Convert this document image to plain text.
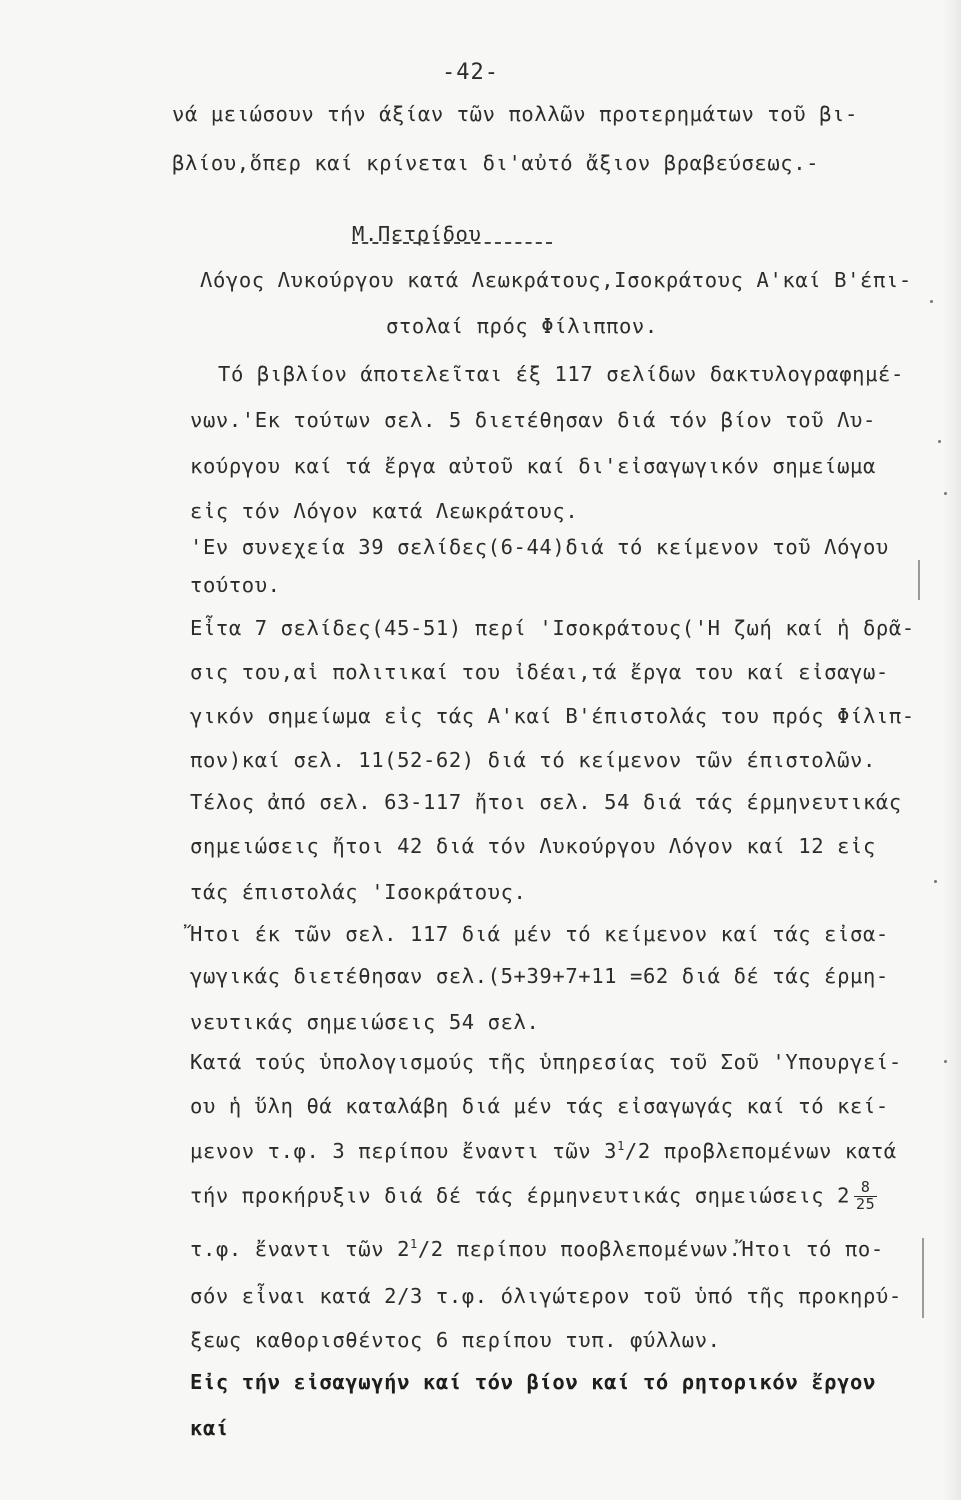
-42-
νά μειώσουν τήν άξίαν τῶν πολλῶν προτερημάτων τοῦ βι-
βλίου,ὅπερ καί κρίνεται δι'αὐτό ἄξιον βραβεύσεως.-
Μ.Πετρίδου
Λόγος Λυκούργου κατά Λεωκράτους,Ισοκράτους Α'καί Β'έπι-
στολαί πρός Φίλιππον.
Τό βιβλίον άποτελεῖται έξ 117 σελίδων δακτυλογραφημέ-
νων.'Εκ τούτων σελ. 5 διετέθησαν διά τόν βίον τοῦ Λυ-
κούργου καί τά ἔργα αὐτοῦ καί δι'εἰσαγωγικόν σημείωμα
εἰς τόν Λόγον κατά Λεωκράτους.
'Εν συνεχεία 39 σελίδες(6-44)διά τό κείμενον τοῦ Λόγου
τούτου.
Εἶτα 7 σελίδες(45-51) περί 'Ισοκράτους('Η ζωή καί ἡ δρᾶ-
σις του,αἱ πολιτικαί του ἰδέαι,τά ἔργα του καί εἰσαγω-
γικόν σημείωμα εἰς τάς Α'καί Β'έπιστολάς του πρός Φίλιπ-
πον)καί σελ. 11(52-62) διά τό κείμενον τῶν έπιστολῶν.
Τέλος ἀπό σελ. 63-117 ἤτοι σελ. 54 διά τάς έρμηνευτικάς
σημειώσεις ἤτοι 42 διά τόν Λυκούργου Λόγον καί 12 εἰς
τάς έπιστολάς 'Ισοκράτους.
Ἤτοι έκ τῶν σελ. 117 διά μέν τό κείμενον καί τάς εἰσα-
γωγικάς διετέθησαν σελ.(5+39+7+11 =62 διά δέ τάς έρμη-
νευτικάς σημειώσεις 54 σελ.
Κατά τούς ὑπολογισμούς τῆς ὑπηρεσίας τοῦ Σοῦ 'Υπουργεί-
ου ἡ ὕλη θά καταλάβη διά μέν τάς εἰσαγωγάς καί τό κεί-
μενον τ.φ. 3 περίπου ἔναντι τῶν $3^1/2$ προβλεπομένων κατά
τήν προκήρυξιν διά δέ τάς έρμηνευτικάς σημειώσεις $2 \frac{8}{25}$
τ.φ. ἔναντι τῶν $2^1/2$ περίπου ποοβλεπομένων.Ἤτοι τό πο-
σόν εἶναι κατά 2/3 τ.φ. όλιγώτερον τοῦ ὑπό τῆς προκηρύ-
ξεως καθορισθέντος 6 περίπου τυπ. φύλλων.
Εἰς τήν εἰσαγωγήν καί τόν βίον καί τό ρητορικόν ἔργον
καί
